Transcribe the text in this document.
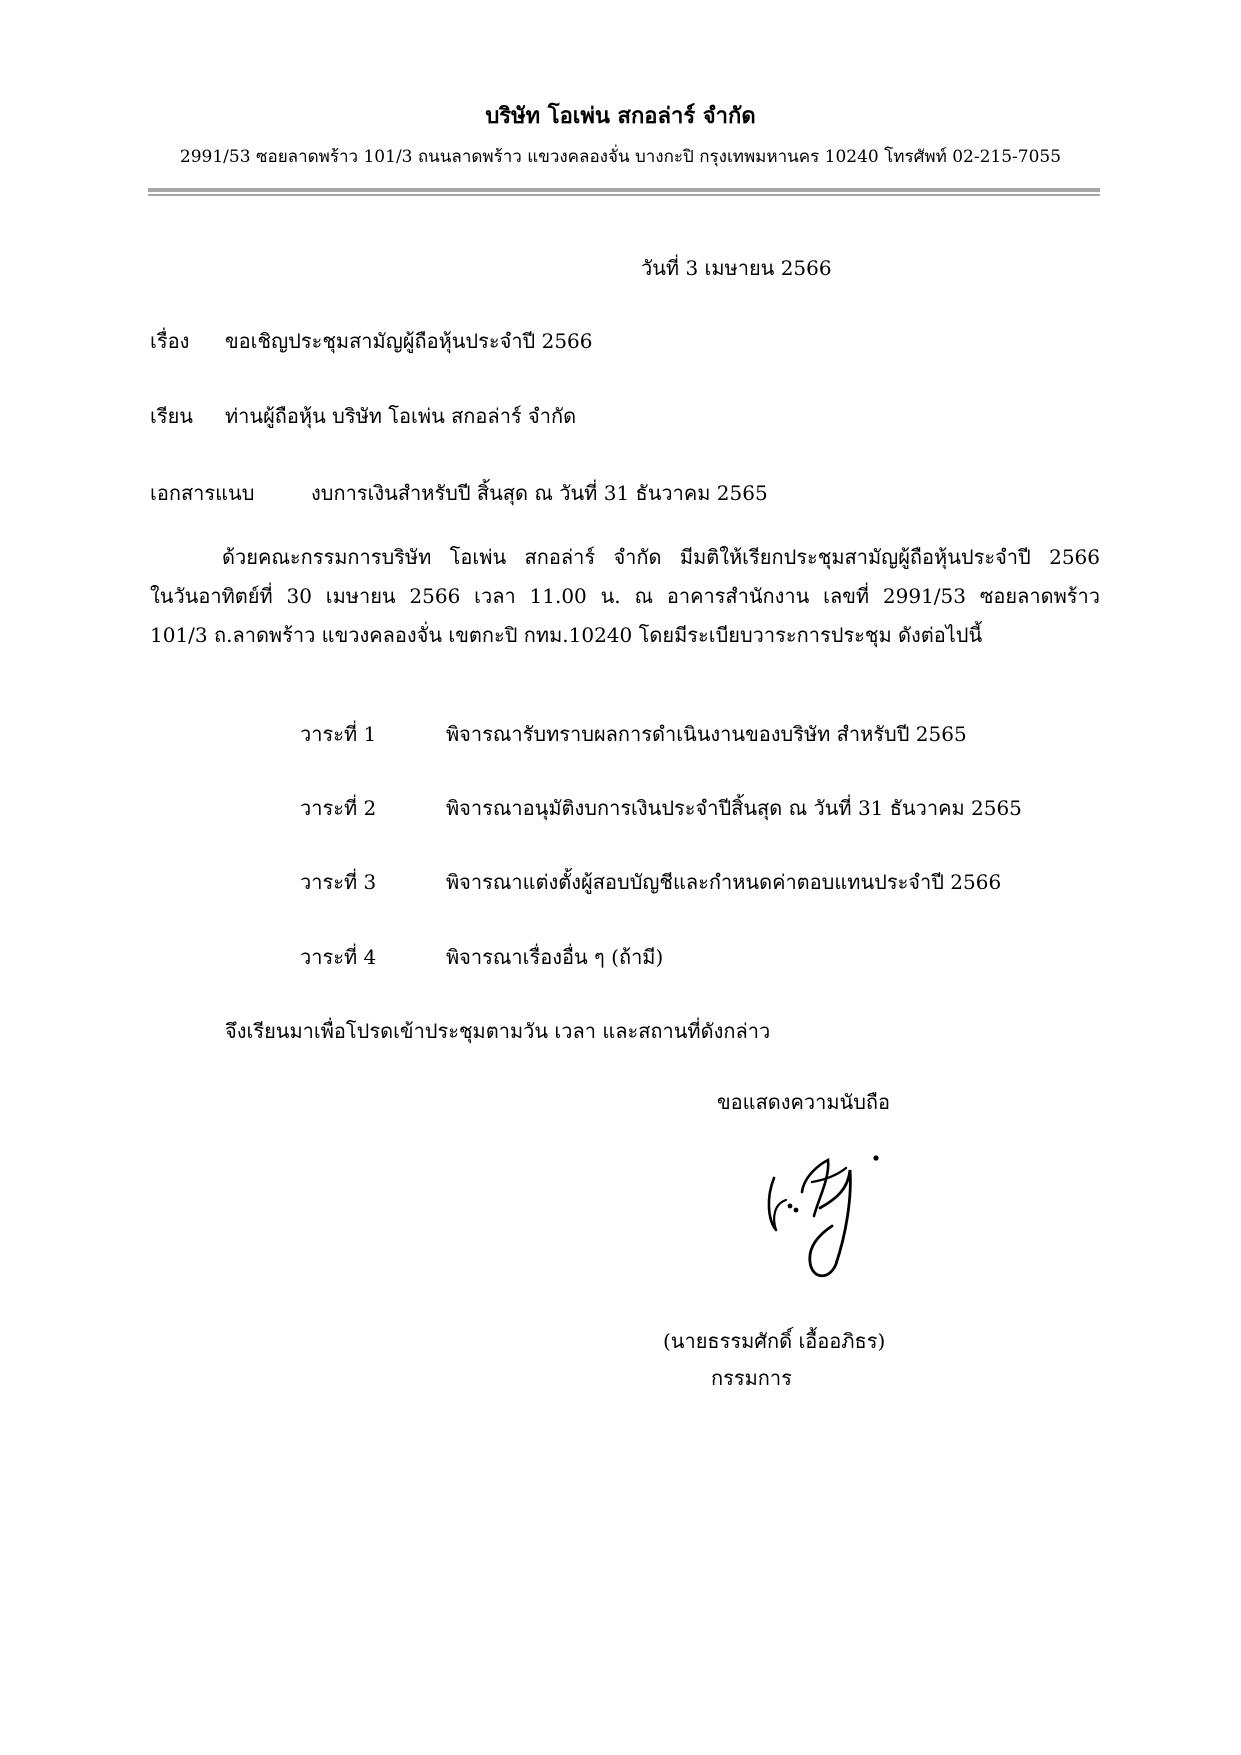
บริษัท โอเพ่น สกอล่าร์ จำกัด
2991/53 ซอยลาดพร้าว 101/3 ถนนลาดพร้าว แขวงคลองจั่น บางกะปิ กรุงเทพมหานคร 10240 โทรศัพท์ 02-215-7055
วันที่ 3 เมษายน 2566
เรื่อง ขอเชิญประชุมสามัญผู้ถือหุ้นประจำปี 2566
เรียน ท่านผู้ถือหุ้น บริษัท โอเพ่น สกอล่าร์ จำกัด
เอกสารแนบ	งบการเงินสำหรับปี สิ้นสุด ณ วันที่ 31 ธันวาคม 2565
ด้วยคณะกรรมการบริษัท โอเพ่น สกอล่าร์ จำกัด มีมติให้เรียกประชุมสามัญผู้ถือหุ้นประจำปี 2566
ในวันอาทิตย์ที่ 30 เมษายน 2566 เวลา 11.00 น. ณ อาคารสำนักงาน เลขที่ 2991/53 ซอยลาดพร้าว
101/3 ถ.ลาดพร้าว แขวงคลองจั่น เขตกะปิ กทม.10240 โดยมีระเบียบวาระการประชุม ดังต่อไปนี้
วาระที่ 1	พิจารณารับทราบผลการดำเนินงานของบริษัท สำหรับปี 2565
วาระที่ 2	พิจารณาอนุมัติงบการเงินประจำปีสิ้นสุด ณ วันที่ 31 ธันวาคม 2565
วาระที่ 3	พิจารณาแต่งตั้งผู้สอบบัญชีและกำหนดค่าตอบแทนประจำปี 2566
วาระที่ 4	พิจารณาเรื่องอื่น ๆ (ถ้ามี)
จึงเรียนมาเพื่อโปรดเข้าประชุมตามวัน เวลา และสถานที่ดังกล่าว
ขอแสดงความนับถือ
(นายธรรมศักดิ์ เอื้ออภิธร)
กรรมการ
